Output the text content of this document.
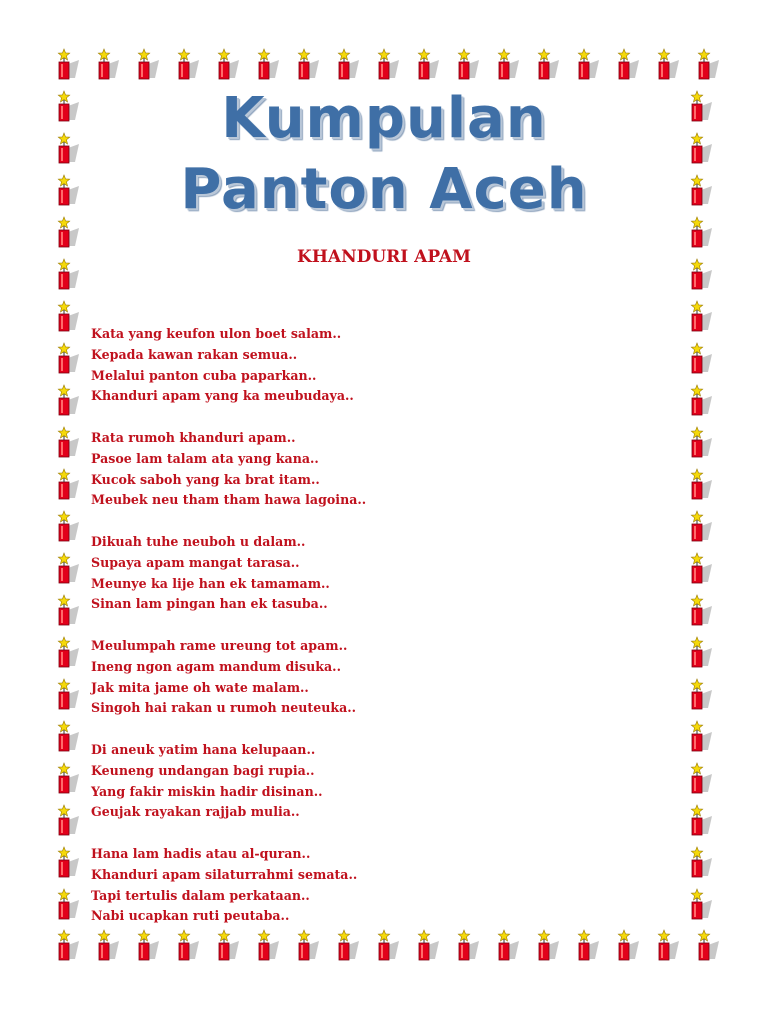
Kumpulan
Panton Aceh
KHANDURI APAM
Kata yang keufon ulon boet salam..
Kepada kawan rakan semua..
Melalui panton cuba paparkan..
Khanduri apam yang ka meubudaya..
Rata rumoh khanduri apam..
Pasoe lam talam ata yang kana..
Kucok saboh yang ka brat itam..
Meubek neu tham tham hawa lagoina..
Dikuah tuhe neuboh u dalam..
Supaya apam mangat tarasa..
Meunye ka lije han ek tamamam..
Sinan lam pingan han ek tasuba..
Meulumpah rame ureung tot apam..
Ineng ngon agam mandum disuka..
Jak mita jame oh wate malam..
Singoh hai rakan u rumoh neuteuka..
Di aneuk yatim hana kelupaan..
Keuneng undangan bagi rupia..
Yang fakir miskin hadir disinan..
Geujak rayakan rajjab mulia..
Hana lam hadis atau al-quran..
Khanduri apam silaturrahmi semata..
Tapi tertulis dalam perkataan..
Nabi ucapkan ruti peutaba..
